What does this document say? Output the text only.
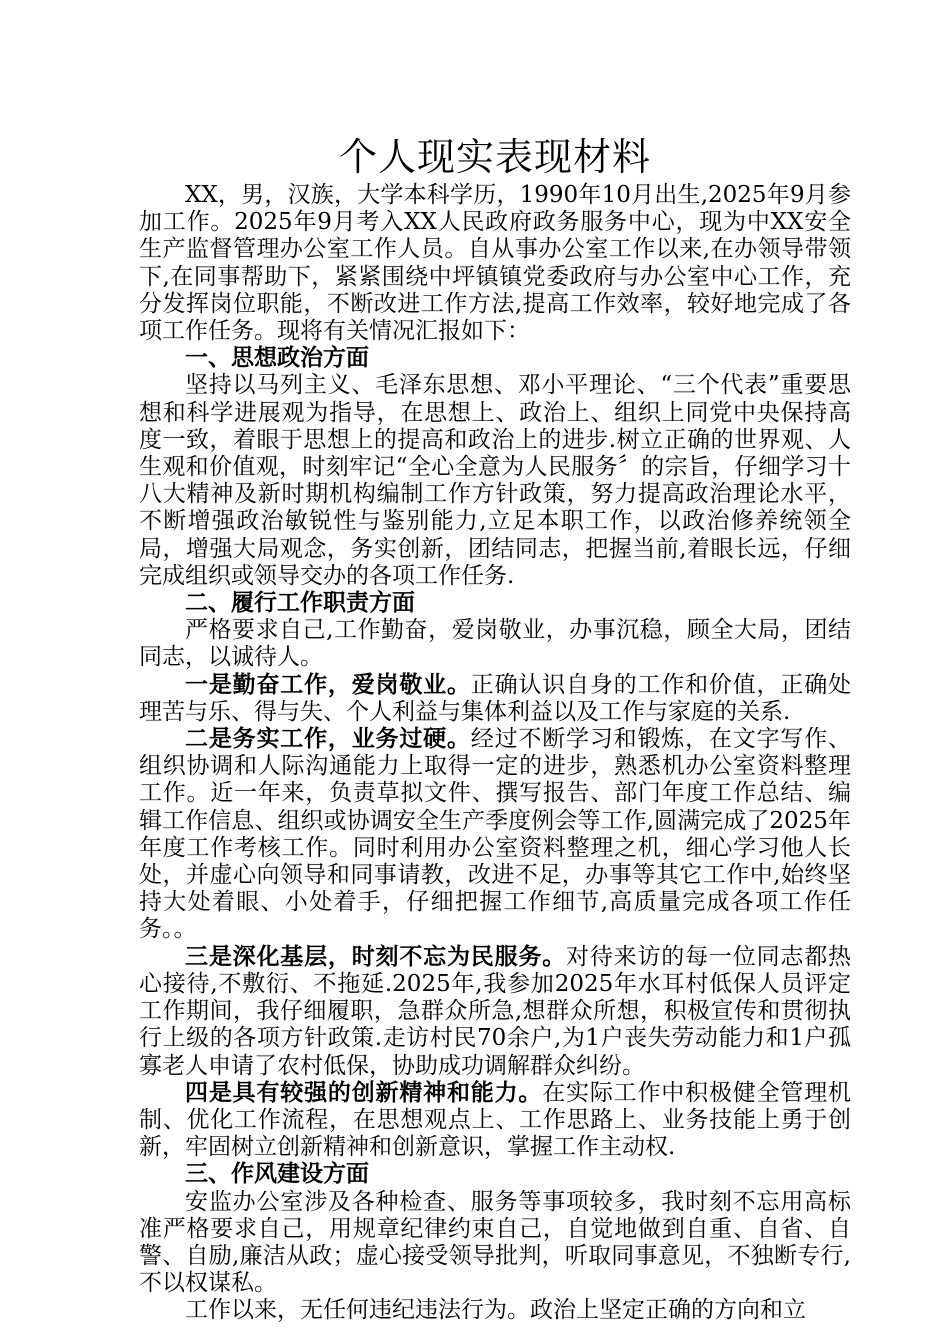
个人现实表现材料

XX，男，汉族，大学本科学历，1990年10月出生,2025年9月参加工作。2025年9月考入XX人民政府政务服务中心，现为中XX安全生产监督管理办公室工作人员。自从事办公室工作以来,在办领导带领下,在同事帮助下，紧紧围绕中坪镇镇党委政府与办公室中心工作，充分发挥岗位职能，不断改进工作方法,提高工作效率，较好地完成了各项工作任务。现将有关情况汇报如下：

一、思想政治方面

坚持以马列主义、毛泽东思想、邓小平理论、“三个代表”重要思想和科学进展观为指导，在思想上、政治上、组织上同党中央保持高度一致，着眼于思想上的提高和政治上的进步.树立正确的世界观、人生观和价值观，时刻牢记“全心全意为人民服务〞的宗旨，仔细学习十八大精神及新时期机构编制工作方针政策，努力提高政治理论水平，不断增强政治敏锐性与鉴别能力,立足本职工作，以政治修养统领全局，增强大局观念，务实创新，团结同志，把握当前,着眼长远，仔细完成组织或领导交办的各项工作任务.

二、履行工作职责方面

严格要求自己,工作勤奋，爱岗敬业，办事沉稳，顾全大局，团结同志，以诚待人。

一是勤奋工作，爱岗敬业。正确认识自身的工作和价值，正确处理苦与乐、得与失、个人利益与集体利益以及工作与家庭的关系.

二是务实工作，业务过硬。经过不断学习和锻炼，在文字写作、组织协调和人际沟通能力上取得一定的进步，熟悉机办公室资料整理工作。近一年来，负责草拟文件、撰写报告、部门年度工作总结、编辑工作信息、组织或协调安全生产季度例会等工作,圆满完成了2025年年度工作考核工作。同时利用办公室资料整理之机，细心学习他人长处，并虚心向领导和同事请教，改进不足，办事等其它工作中,始终坚持大处着眼、小处着手，仔细把握工作细节,高质量完成各项工作任务。。

三是深化基层，时刻不忘为民服务。对待来访的每一位同志都热心接待,不敷衍、不拖延.2025年,我参加2025年水耳村低保人员评定工作期间，我仔细履职，急群众所急,想群众所想，积极宣传和贯彻执行上级的各项方针政策.走访村民70余户,为1户丧失劳动能力和1户孤寡老人申请了农村低保，协助成功调解群众纠纷。

四是具有较强的创新精神和能力。在实际工作中积极健全管理机制、优化工作流程，在思想观点上、工作思路上、业务技能上勇于创新，牢固树立创新精神和创新意识，掌握工作主动权.

三、作风建设方面

安监办公室涉及各种检查、服务等事项较多，我时刻不忘用高标准严格要求自己，用规章纪律约束自己，自觉地做到自重、自省、自警、自励,廉洁从政；虚心接受领导批判，听取同事意见，不独断专行,不以权谋私。

工作以来，无任何违纪违法行为。政治上坚定正确的方向和立
